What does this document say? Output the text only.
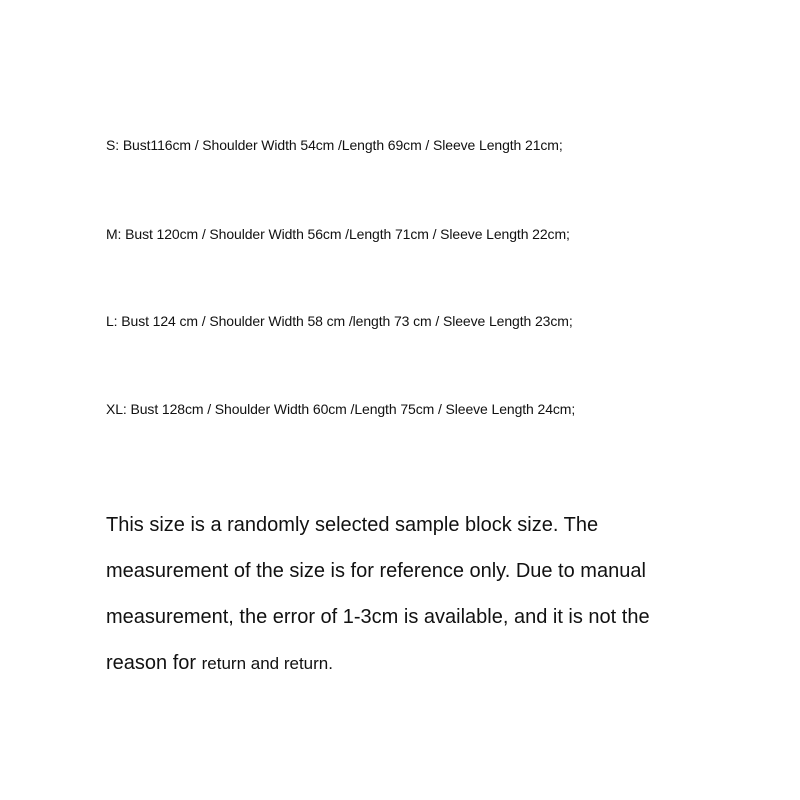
S: Bust116cm / Shoulder Width 54cm /Length 69cm / Sleeve Length 21cm;
M: Bust 120cm / Shoulder Width 56cm /Length 71cm / Sleeve Length 22cm;
L: Bust 124 cm / Shoulder Width 58 cm /length 73 cm / Sleeve Length 23cm;
XL: Bust 128cm / Shoulder Width 60cm /Length 75cm / Sleeve Length 24cm;

This size is a randomly selected sample block size. The
measurement of the size is for reference only. Due to manual
measurement, the error of 1-3cm is available, and it is not the
reason for return and return.
